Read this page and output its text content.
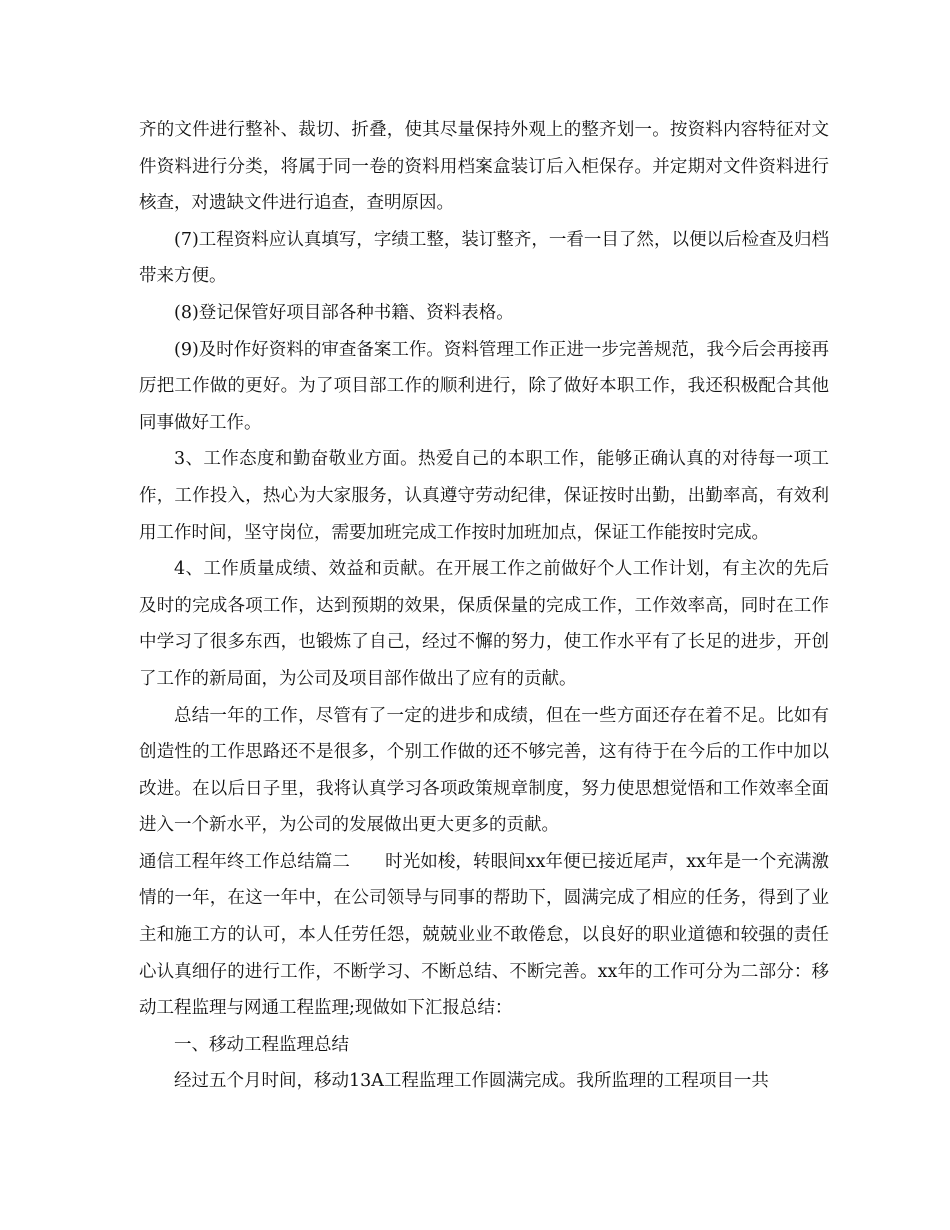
齐的文件进行整补、裁切、折叠，使其尽量保持外观上的整齐划一。按资料内容特征对文件资料进行分类，将属于同一卷的资料用档案盒装订后入柜保存。并定期对文件资料进行核查，对遗缺文件进行追查，查明原因。

(7)工程资料应认真填写，字绩工整，装订整齐，一看一目了然，以便以后检查及归档带来方便。

(8)登记保管好项目部各种书籍、资料表格。

(9)及时作好资料的审查备案工作。资料管理工作正进一步完善规范，我今后会再接再厉把工作做的更好。为了项目部工作的顺利进行，除了做好本职工作，我还积极配合其他同事做好工作。

3、工作态度和勤奋敬业方面。热爱自己的本职工作，能够正确认真的对待每一项工作，工作投入，热心为大家服务，认真遵守劳动纪律，保证按时出勤，出勤率高，有效利用工作时间，坚守岗位，需要加班完成工作按时加班加点，保证工作能按时完成。

4、工作质量成绩、效益和贡献。在开展工作之前做好个人工作计划，有主次的先后及时的完成各项工作，达到预期的效果，保质保量的完成工作，工作效率高，同时在工作中学习了很多东西，也锻炼了自己，经过不懈的努力，使工作水平有了长足的进步，开创了工作的新局面，为公司及项目部作做出了应有的贡献。

总结一年的工作，尽管有了一定的进步和成绩，但在一些方面还存在着不足。比如有创造性的工作思路还不是很多，个别工作做的还不够完善，这有待于在今后的工作中加以改进。在以后日子里，我将认真学习各项政策规章制度，努力使思想觉悟和工作效率全面进入一个新水平，为公司的发展做出更大更多的贡献。

通信工程年终工作总结篇二　　时光如梭，转眼间xx年便已接近尾声，xx年是一个充满激情的一年，在这一年中，在公司领导与同事的帮助下，圆满完成了相应的任务，得到了业主和施工方的认可，本人任劳任怨，兢兢业业不敢倦怠，以良好的职业道德和较强的责任心认真细仔的进行工作，不断学习、不断总结、不断完善。xx年的工作可分为二部分：移动工程监理与网通工程监理;现做如下汇报总结：

一、移动工程监理总结

经过五个月时间，移动13A工程监理工作圆满完成。我所监理的工程项目一共
